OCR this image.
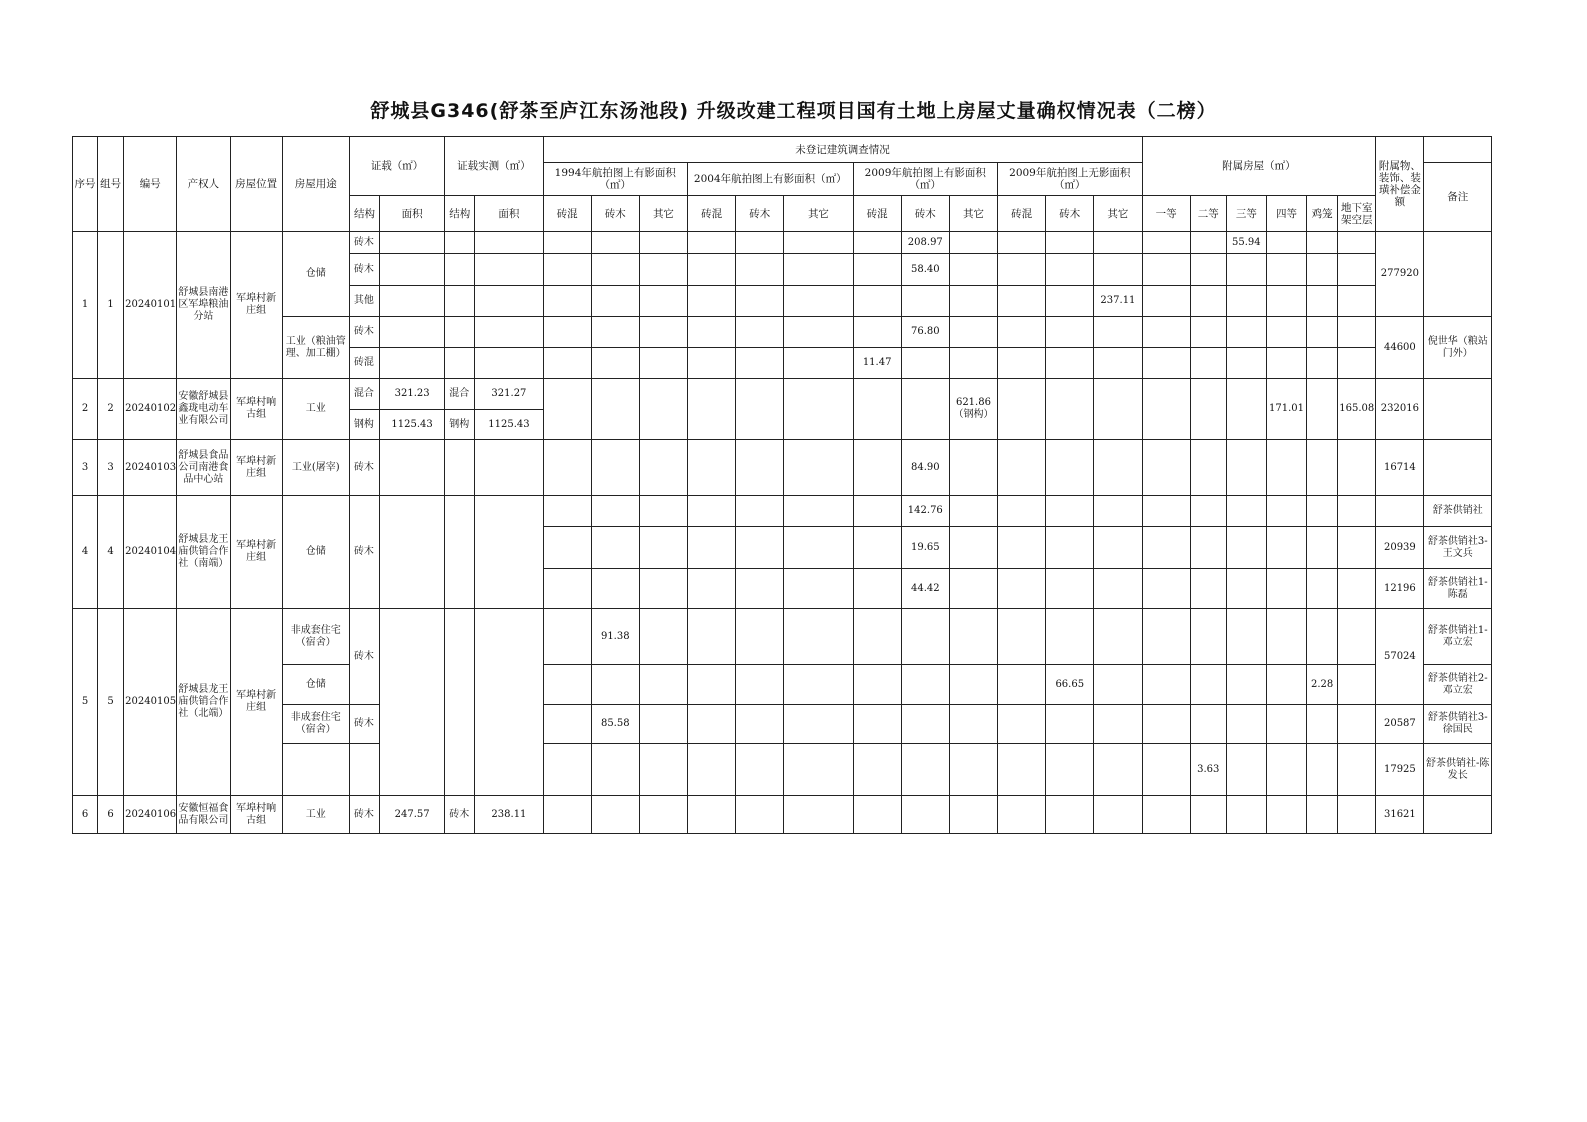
舒城县G346(舒茶至庐江东汤池段) 升级改建工程项目国有土地上房屋丈量确权情况表（二榜）
序号	组号	编号	产权人	房屋位置	房屋用途	证载（㎡）		证载实测（㎡）		未登记建筑调查情况												附属房屋（㎡）						附属物、装饰、装璜补偿金额	
										1994年航拍图上有影面积（㎡）			2004年航拍图上有影面积（㎡）			2009年航拍图上有影面积（㎡）			2009年航拍图上无影面积（㎡）										备注
						结构	面积	结构	面积	砖混	砖木	其它	砖混	砖木	其它	砖混	砖木	其它	砖混	砖木	其它	一等	二等	三等	四等	鸡笼	地下室架空层		
1	1	20240101	舒城县南港区军埠粮油分站	军埠村新庄组	仓储	砖木											208.97							55.94				277920	
						砖木											58.40												
						其他															237.11								
					工业（粮油管理、加工棚）	砖木											76.80											44600	倪世华（粮站门外）
						砖混										11.47													
2	2	20240102	安徽舒城县鑫珑电动车业有限公司	军埠村响古组	工业	混合	321.23	混合	321.27									621.86（钢构）							171.01		165.08	232016	
						钢构	1125.43	钢构	1125.43																				
3	3	20240103	舒城县食品公司南港食品中心站	军埠村新庄组	工业(屠宰)	砖木											84.90											16714	
4	4	20240104	舒城县龙王庙供销合作社（南端）	军埠村新庄组	仓储	砖木											142.76												舒茶供销社
																	19.65											20939	舒茶供销社3-王文兵
																	44.42											12196	舒茶供销社1-陈磊
5	5	20240105	舒城县龙王庙供销合作社（北端）	军埠村新庄组	非成套住宅（宿舍）	砖木					91.38																	57024	舒茶供销社1-邓立宏
					仓储															66.65						2.28			舒茶供销社2-邓立宏
					非成套住宅（宿舍）	砖木					85.58																	20587	舒茶供销社3-徐国民
																							3.63					17925	舒茶供销社-陈发长
6	6	20240106	安徽恒福食品有限公司	军埠村响古组	工业	砖木	247.57	砖木	238.11																			31621	
